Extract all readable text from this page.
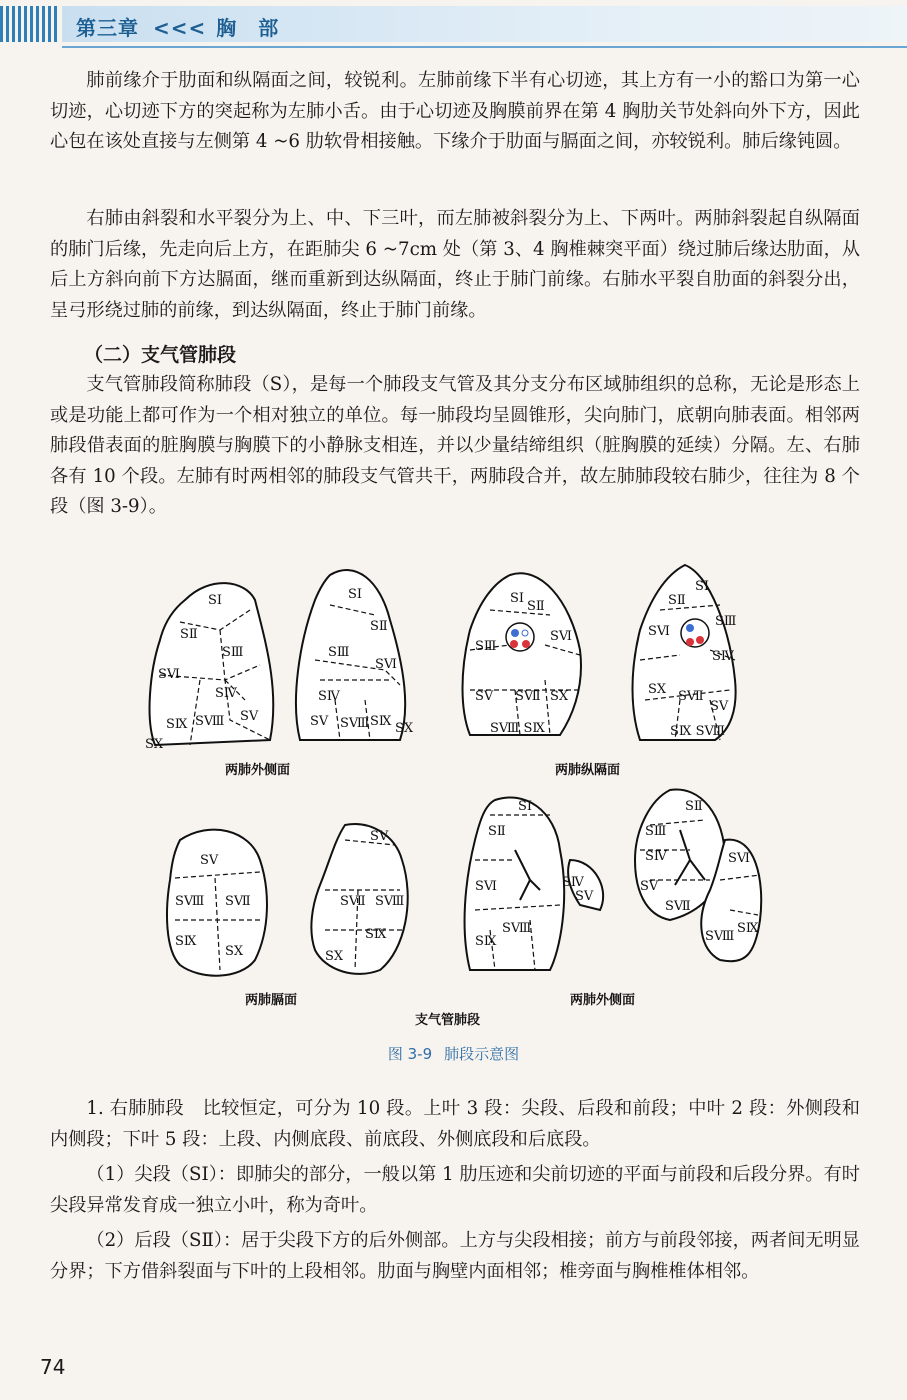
第三章 <<< 胸　部

肺前缘介于肋面和纵隔面之间，较锐利。左肺前缘下半有心切迹，其上方有一小的豁口为第一心切迹，心切迹下方的突起称为左肺小舌。由于心切迹及胸膜前界在第 4 胸肋关节处斜向外下方，因此心包在该处直接与左侧第 4 ~6 肋软骨相接触。下缘介于肋面与膈面之间，亦较锐利。肺后缘钝圆。

右肺由斜裂和水平裂分为上、中、下三叶，而左肺被斜裂分为上、下两叶。两肺斜裂起自纵隔面的肺门后缘，先走向后上方，在距肺尖 6 ~7cm 处（第 3、4 胸椎棘突平面）绕过肺后缘达肋面，从后上方斜向前下方达膈面，继而重新到达纵隔面，终止于肺门前缘。右肺水平裂自肋面的斜裂分出，呈弓形绕过肺的前缘，到达纵隔面，终止于肺门前缘。

（二）支气管肺段

支气管肺段简称肺段（S），是每一个肺段支气管及其分支分布区域肺组织的总称，无论是形态上或是功能上都可作为一个相对独立的单位。每一肺段均呈圆锥形，尖向肺门，底朝向肺表面。相邻两肺段借表面的脏胸膜与胸膜下的小静脉支相连，并以少量结缔组织（脏胸膜的延续）分隔。左、右肺各有 10 个段。左肺有时两相邻的肺段支气管共干，两肺段合并，故左肺肺段较右肺少，往往为 8 个段（图 3-9）。

SⅠ
SⅡ
SⅢ
SⅥ
SⅣ
SⅤ
SⅨ SⅧ
SⅩ
SⅠ
SⅡ
SⅢ
SⅥ
SⅣ
SⅤ SⅧ SⅨ SⅩ
两肺外侧面
SⅠ
SⅡ
SⅢ
SⅥ
SⅤ SⅦ SⅩ
SⅧ SⅨ
SⅠ
SⅡ
SⅢ
SⅥ
SⅣ
SX SⅦ
SⅤ
SⅨ SⅧ
两肺纵隔面
SⅤ
SⅧ SⅦ
SⅨ
SX
SⅤ
SⅦ SⅧ
SⅨ
SX
两肺膈面
支气管肺段
SⅠ
SⅡ
SⅥ
SⅨ
SⅧ
SⅤ
SⅣ
SⅡ
SⅢ
SⅣ
SⅤ
SⅥ
SⅦ
SⅧ
SⅨ
两肺外侧面
图 3-9 肺段示意图

1. 右肺肺段　比较恒定，可分为 10 段。上叶 3 段：尖段、后段和前段；中叶 2 段：外侧段和内侧段；下叶 5 段：上段、内侧底段、前底段、外侧底段和后底段。

（1）尖段（SⅠ）：即肺尖的部分，一般以第 1 肋压迹和尖前切迹的平面与前段和后段分界。有时尖段异常发育成一独立小叶，称为奇叶。

（2）后段（SⅡ）：居于尖段下方的后外侧部。上方与尖段相接；前方与前段邻接，两者间无明显分界；下方借斜裂面与下叶的上段相邻。肋面与胸壁内面相邻；椎旁面与胸椎椎体相邻。

74
